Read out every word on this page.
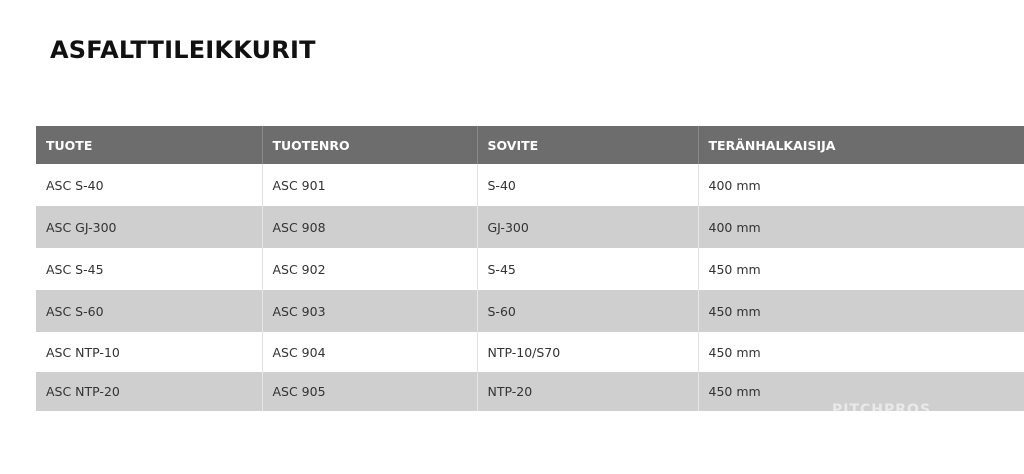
ASFALTTILEIKKURIT
TUOTE	TUOTENRO	SOVITE	TERÄNHALKAISIJA
ASC S-40	ASC 901	S-40	400 mm
ASC GJ-300	ASC 908	GJ-300	400 mm
ASC S-45	ASC 902	S-45	450 mm
ASC S-60	ASC 903	S-60	450 mm
ASC NTP-10	ASC 904	NTP-10/S70	450 mm
ASC NTP-20	ASC 905	NTP-20	450 mm
PITCHPROS
